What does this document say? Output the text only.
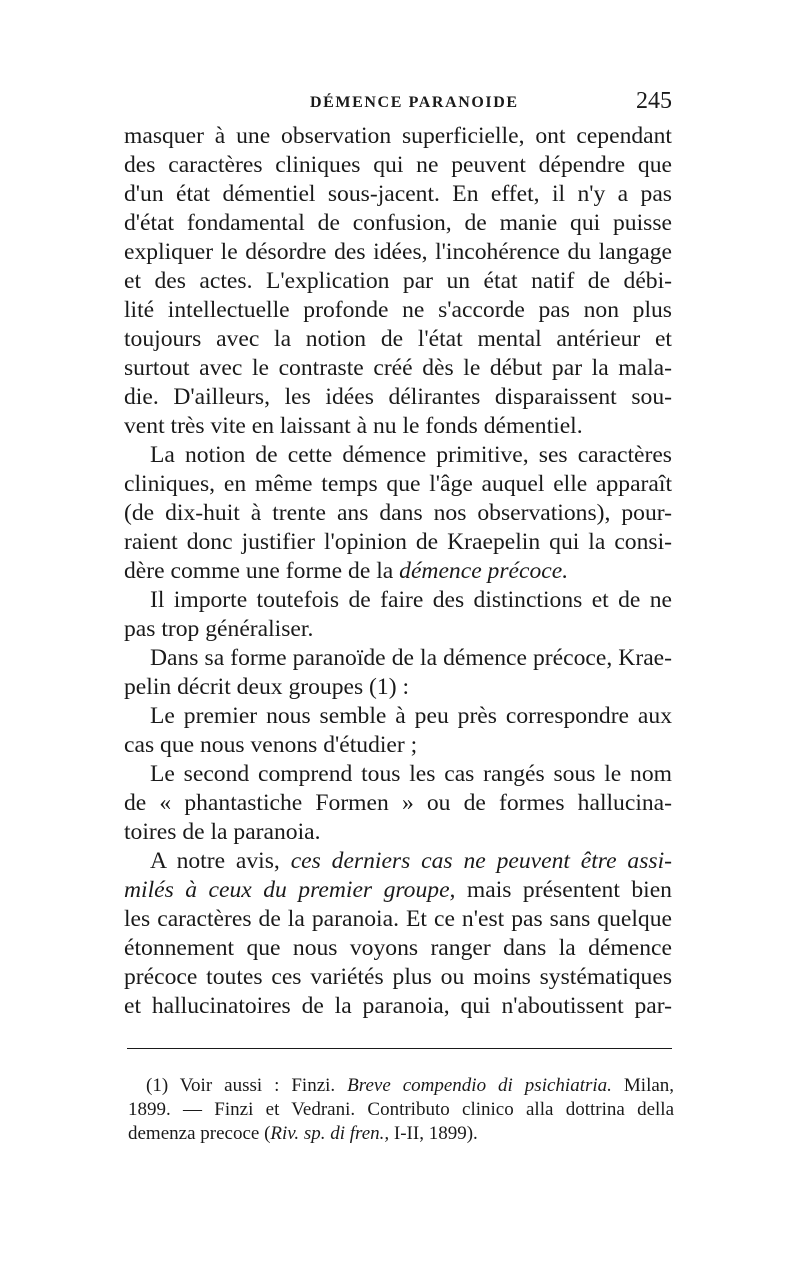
DÉMENCE PARANOIDE	245
masquer à une observation superficielle, ont cependant
des caractères cliniques qui ne peuvent dépendre que
d'un état démentiel sous-jacent. En effet, il n'y a pas
d'état fondamental de confusion, de manie qui puisse
expliquer le désordre des idées, l'incohérence du langage
et des actes. L'explication par un état natif de débi-
lité intellectuelle profonde ne s'accorde pas non plus
toujours avec la notion de l'état mental antérieur et
surtout avec le contraste créé dès le début par la mala-
die. D'ailleurs, les idées délirantes disparaissent sou-
vent très vite en laissant à nu le fonds démentiel.
La notion de cette démence primitive, ses caractères
cliniques, en même temps que l'âge auquel elle apparaît
(de dix-huit à trente ans dans nos observations), pour-
raient donc justifier l'opinion de Kraepelin qui la consi-
dère comme une forme de la démence précoce.
Il importe toutefois de faire des distinctions et de ne
pas trop généraliser.
Dans sa forme paranoïde de la démence précoce, Krae-
pelin décrit deux groupes (1) :
Le premier nous semble à peu près correspondre aux
cas que nous venons d'étudier ;
Le second comprend tous les cas rangés sous le nom
de « phantastiche Formen » ou de formes hallucina-
toires de la paranoia.
A notre avis, ces derniers cas ne peuvent être assi-
milés à ceux du premier groupe, mais présentent bien
les caractères de la paranoia. Et ce n'est pas sans quelque
étonnement que nous voyons ranger dans la démence
précoce toutes ces variétés plus ou moins systématiques
et hallucinatoires de la paranoia, qui n'aboutissent par-
(1) Voir aussi : Finzi. Breve compendio di psichiatria. Milan,
1899. — Finzi et Vedrani. Contributo clinico alla dottrina della
demenza precoce (Riv. sp. di fren., I-II, 1899).
